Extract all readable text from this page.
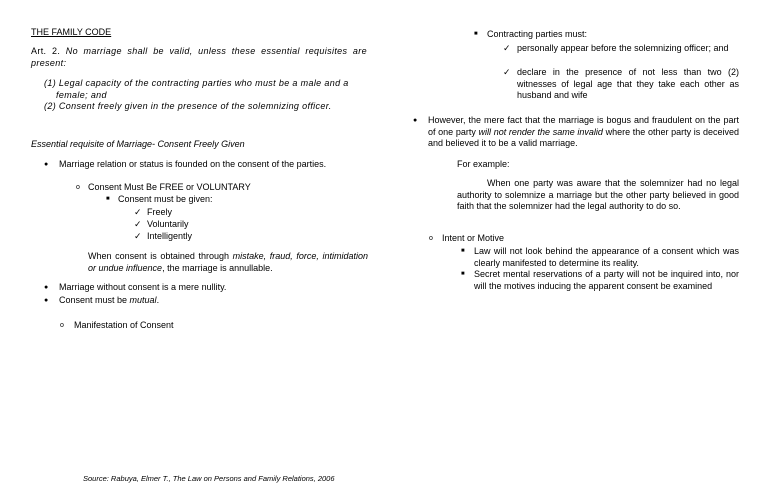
THE FAMILY CODE
Art. 2. No marriage shall be valid, unless these essential requisites are present:
(1) Legal capacity of the contracting parties who must be a male and a female; and
(2) Consent freely given in the presence of the solemnizing officer.
Essential requisite of Marriage- Consent Freely Given
● Marriage relation or status is founded on the consent of the parties.
o Consent Must Be FREE or VOLUNTARY
■ Consent must be given:
✓ Freely
✓ Voluntarily
✓ Intelligently
When consent is obtained through mistake, fraud, force, intimidation or undue influence, the marriage is annullable.
● Marriage without consent is a mere nullity.
● Consent must be mutual.
o Manifestation of Consent
■ Contracting parties must:
✓ personally appear before the solemnizing officer; and
✓ declare in the presence of not less than two (2) witnesses of legal age that they take each other as husband and wife
● However, the mere fact that the marriage is bogus and fraudulent on the part of one party will not render the same invalid where the other party is deceived and believed it to be a valid marriage.
For example:
When one party was aware that the solemnizer had no legal authority to solemnize a marriage but the other party believed in good faith that the solemnizer had the legal authority to do so.
o Intent or Motive
■ Law will not look behind the appearance of a consent which was clearly manifested to determine its reality.
■ Secret mental reservations of a party will not be inquired into, nor will the motives inducing the apparent consent be examined
Source: Rabuya, Elmer T., The Law on Persons and Family Relations, 2006
